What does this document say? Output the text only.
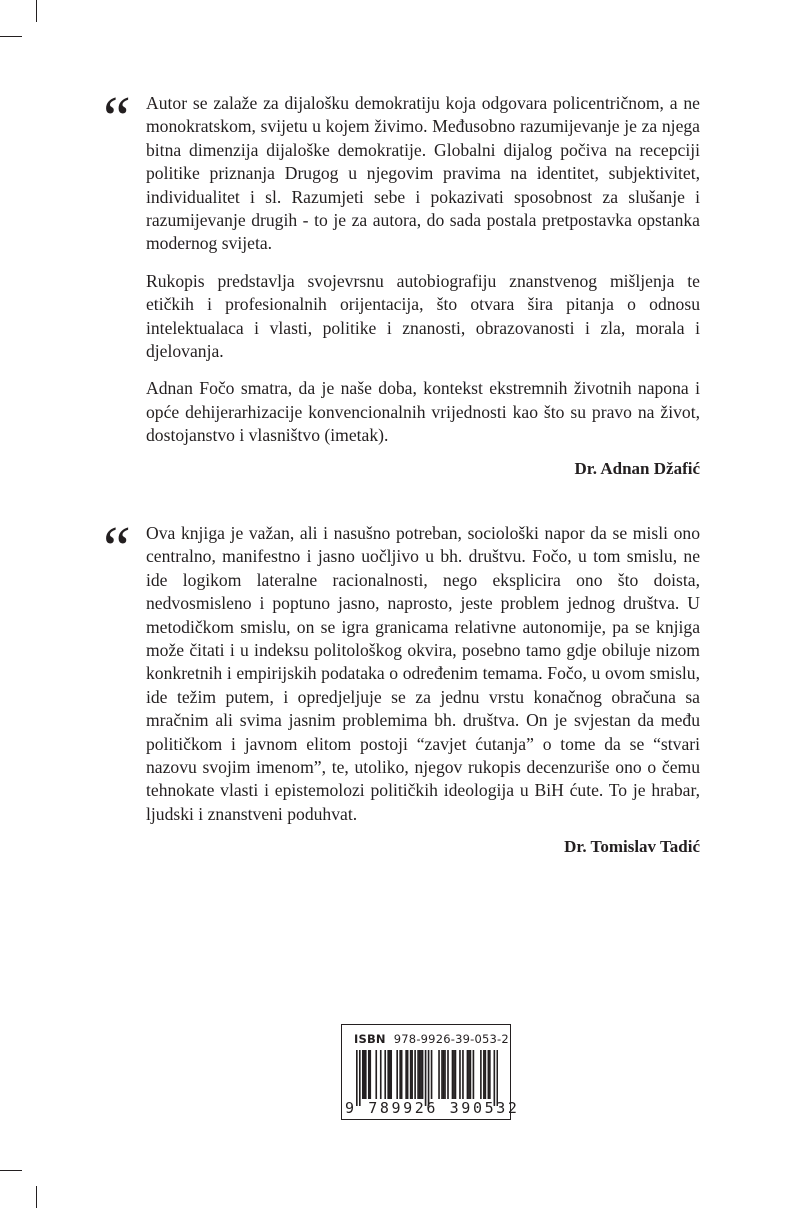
“ Autor se zalaže za dijalošku demokratiju koja odgovara policentričnom, a ne monokratskom, svijetu u kojem živimo. Međusobno razumijevanje je za njega bitna dimenzija dijaloške demokratije. Globalni dijalog počiva na recepciji politike priznanja Drugog u njegovim pravima na identitet, subjektivitet, individualitet i sl. Razumjeti sebe i pokazivati sposobnost za slušanje i razumijevanje drugih - to je za autora, do sada postala pretpostavka opstanka modernog svijeta.

Rukopis predstavlja svojevrsnu autobiografiju znanstvenog mišljenja te etičkih i profesionalnih orijentacija, što otvara šira pitanja o odnosu intelektualaca i vlasti, politike i znanosti, obrazovanosti i zla, morala i djelovanja.

Adnan Fočo smatra, da je naše doba, kontekst ekstremnih životnih napona i opće dehijerarhizacije konvencionalnih vrijednosti kao što su pravo na život, dostojanstvo i vlasništvo (imetak).

Dr. Adnan Džafić
“ Ova knjiga je važan, ali i nasušno potreban, sociološki napor da se misli ono centralno, manifestno i jasno uočljivo u bh. društvu. Fočo, u tom smislu, ne ide logikom lateralne racionalnosti, nego eksplicira ono što doista, nedvosmisleno i poptuno jasno, naprosto, jeste problem jednog društva. U metodičkom smislu, on se igra granicama relativne autonomije, pa se knjiga može čitati i u indeksu politološkog okvira, posebno tamo gdje obiluje nizom konkretnih i empirijskih podataka o određenim temama. Fočo, u ovom smislu, ide težim putem, i opredjeljuje se za jednu vrstu konačnog obračuna sa mračnim ali svima jasnim problemima bh. društva. On je svjestan da među političkom i javnom elitom postoji “zavjet ćutanja” o tome da se “stvari nazovu svojim imenom”, te, utoliko, njegov rukopis decenzuriše ono o čemu tehnokate vlasti i epistemolozi političkih ideologija u BiH ćute. To je hrabar, ljudski i znanstveni poduhvat.

Dr. Tomislav Tadić
ISBN 978-9926-39-053-2
9 789926 390532
